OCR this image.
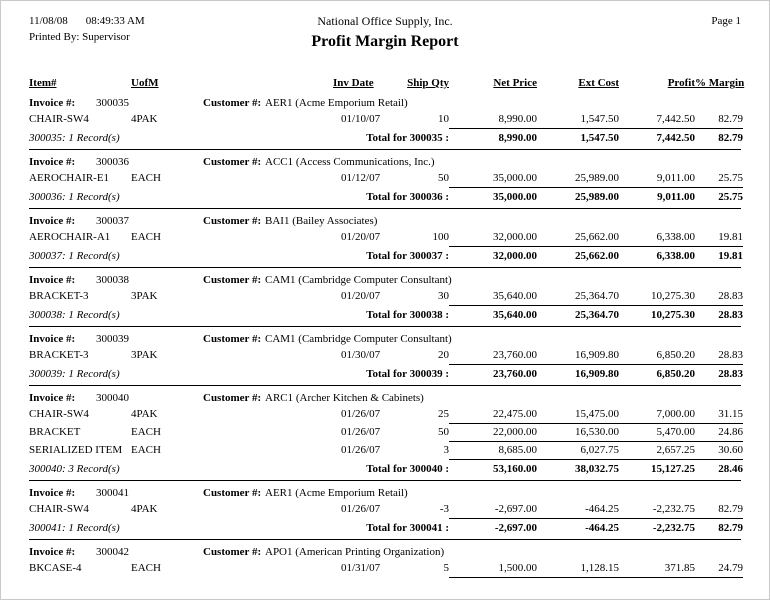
11/08/08 08:49:33 AM
Printed By: Supervisor
National Office Supply, Inc.
Profit Margin Report
Page 1
Item#	UofM	Inv Date	Ship Qty	Net Price	Ext Cost	Profit % Margin
Invoice #:	300035	Customer #: AER1 (Acme Emporium Retail)
CHAIR-SW4	4PAK	01/10/07	10	8,990.00	1,547.50	7,442.50	82.79
300035: 1 Record(s)	Total for 300035 :	8,990.00	1,547.50	7,442.50	82.79
Invoice #:	300036	Customer #: ACC1 (Access Communications, Inc.)
AEROCHAIR-E1	EACH	01/12/07	50	35,000.00	25,989.00	9,011.00	25.75
300036: 1 Record(s)	Total for 300036 :	35,000.00	25,989.00	9,011.00	25.75
Invoice #:	300037	Customer #: BAI1 (Bailey Associates)
AEROCHAIR-A1	EACH	01/20/07	100	32,000.00	25,662.00	6,338.00	19.81
300037: 1 Record(s)	Total for 300037 :	32,000.00	25,662.00	6,338.00	19.81
Invoice #:	300038	Customer #: CAM1 (Cambridge Computer Consultant)
BRACKET-3	3PAK	01/20/07	30	35,640.00	25,364.70	10,275.30	28.83
300038: 1 Record(s)	Total for 300038 :	35,640.00	25,364.70	10,275.30	28.83
Invoice #:	300039	Customer #: CAM1 (Cambridge Computer Consultant)
BRACKET-3	3PAK	01/30/07	20	23,760.00	16,909.80	6,850.20	28.83
300039: 1 Record(s)	Total for 300039 :	23,760.00	16,909.80	6,850.20	28.83
Invoice #:	300040	Customer #: ARC1 (Archer Kitchen & Cabinets)
CHAIR-SW4	4PAK	01/26/07	25	22,475.00	15,475.00	7,000.00	31.15
BRACKET	EACH	01/26/07	50	22,000.00	16,530.00	5,470.00	24.86
SERIALIZED ITEM EACH	01/26/07	3	8,685.00	6,027.75	2,657.25	30.60
300040: 3 Record(s)	Total for 300040 :	53,160.00	38,032.75	15,127.25	28.46
Invoice #:	300041	Customer #: AER1 (Acme Emporium Retail)
CHAIR-SW4	4PAK	01/26/07	-3	-2,697.00	-464.25	-2,232.75	82.79
300041: 1 Record(s)	Total for 300041 :	-2,697.00	-464.25	-2,232.75	82.79
Invoice #:	300042	Customer #: APO1 (American Printing Organization)
BKCASE-4	EACH	01/31/07	5	1,500.00	1,128.15	371.85	24.79
